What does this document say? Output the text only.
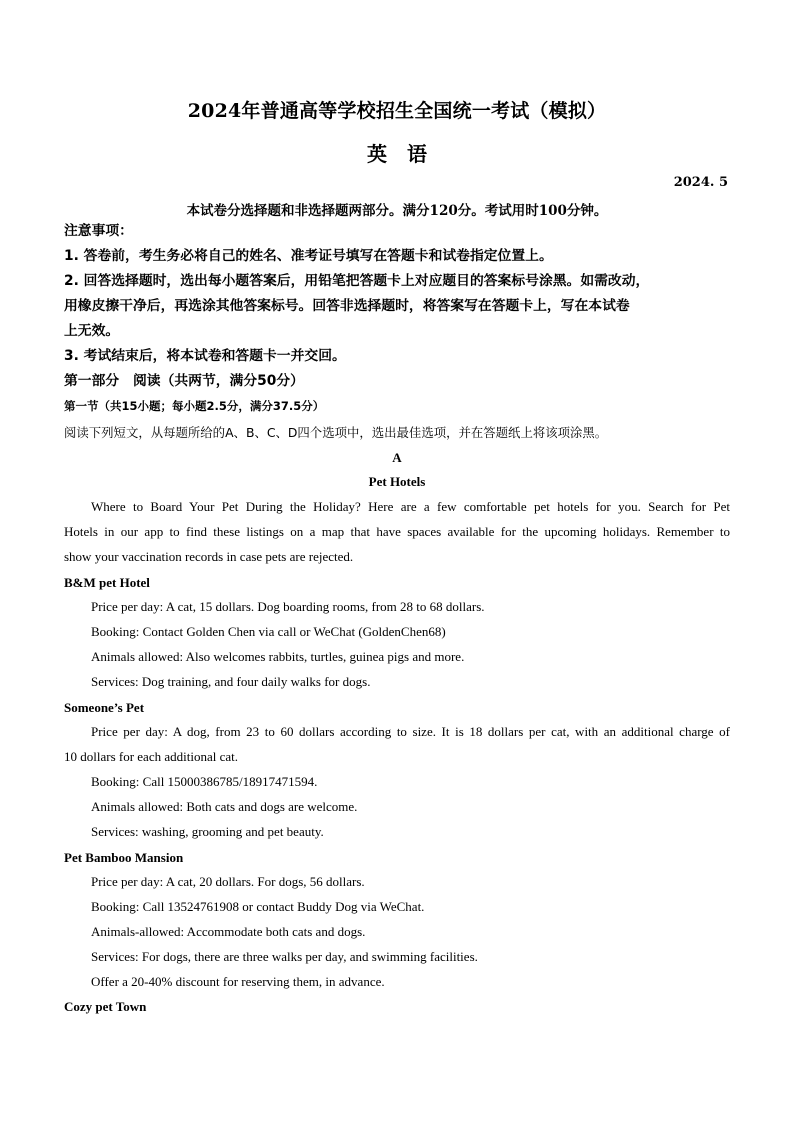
2024年普通高等学校招生全国统一考试（模拟）
英语
2024. 5
本试卷分选择题和非选择题两部分。满分120分。考试用时100分钟。
注意事项：
1. 答卷前，考生务必将自己的姓名、准考证号填写在答题卡和试卷指定位置上。
2. 回答选择题时，选出每小题答案后，用铅笔把答题卡上对应题目的答案标号涂黑。如需改动，
用橡皮擦干净后，再选涂其他答案标号。回答非选择题时，将答案写在答题卡上，写在本试卷
上无效。
3. 考试结束后，将本试卷和答题卡一并交回。
第一部分　阅读（共两节，满分50分）
第一节（共15小题；每小题2.5分，满分37.5分）
阅读下列短文，从每题所给的A、B、C、D四个选项中，选出最佳选项，并在答题纸上将该项涂黑。
A
Pet Hotels
Where to Board Your Pet During the Holiday? Here are a few comfortable pet hotels for you. Search for Pet
Hotels in our app to find these listings on a map that have spaces available for the upcoming holidays. Remember to
show your vaccination records in case pets are rejected.
B&M pet Hotel
Price per day: A cat, 15 dollars. Dog boarding rooms, from 28 to 68 dollars.
Booking: Contact Golden Chen via call or WeChat (GoldenChen68)
Animals allowed: Also welcomes rabbits, turtles, guinea pigs and more.
Services: Dog training, and four daily walks for dogs.
Someone’s Pet
Price per day: A dog, from 23 to 60 dollars according to size. It is 18 dollars per cat, with an additional charge of
10 dollars for each additional cat.
Booking: Call 15000386785/18917471594.
Animals allowed: Both cats and dogs are welcome.
Services: washing, grooming and pet beauty.
Pet Bamboo Mansion
Price per day: A cat, 20 dollars. For dogs, 56 dollars.
Booking: Call 13524761908 or contact Buddy Dog via WeChat.
Animals-allowed: Accommodate both cats and dogs.
Services: For dogs, there are three walks per day, and swimming facilities.
Offer a 20-40% discount for reserving them, in advance.
Cozy pet Town
